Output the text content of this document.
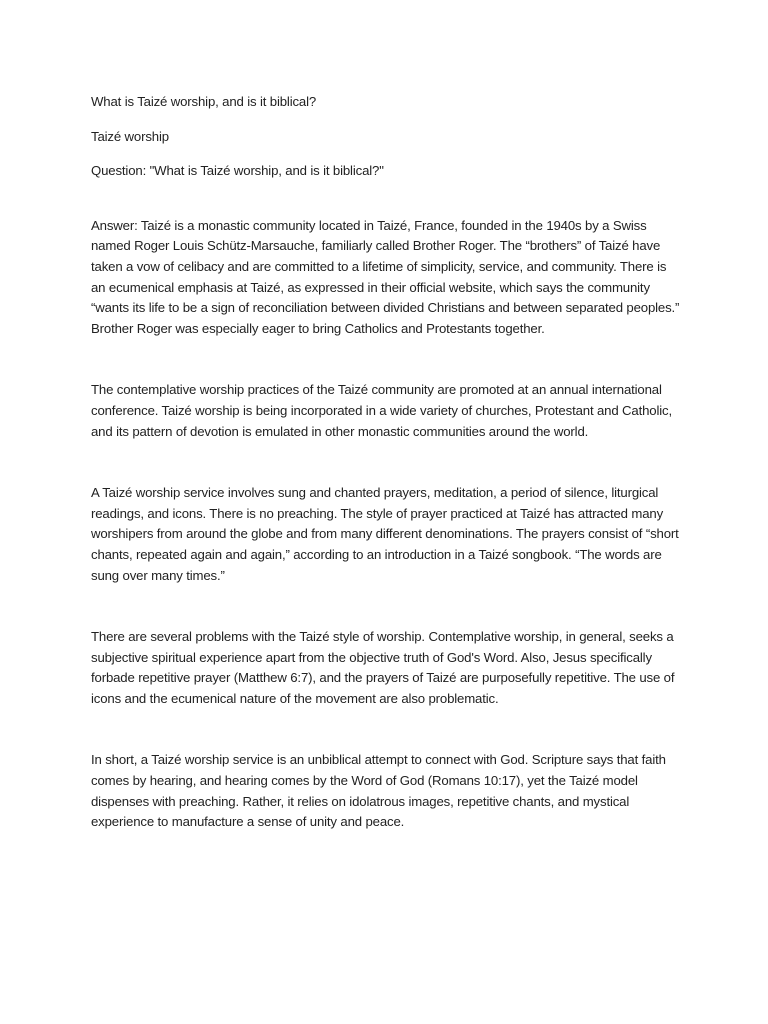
What is Taizé worship, and is it biblical?

Taizé worship

Question: "What is Taizé worship, and is it biblical?"

Answer: Taizé is a monastic community located in Taizé, France, founded in the 1940s by a Swiss named Roger Louis Schütz-Marsauche, familiarly called Brother Roger. The “brothers” of Taizé have taken a vow of celibacy and are committed to a lifetime of simplicity, service, and community. There is an ecumenical emphasis at Taizé, as expressed in their official website, which says the community “wants its life to be a sign of reconciliation between divided Christians and between separated peoples.” Brother Roger was especially eager to bring Catholics and Protestants together.

The contemplative worship practices of the Taizé community are promoted at an annual international conference. Taizé worship is being incorporated in a wide variety of churches, Protestant and Catholic, and its pattern of devotion is emulated in other monastic communities around the world.

A Taizé worship service involves sung and chanted prayers, meditation, a period of silence, liturgical readings, and icons. There is no preaching. The style of prayer practiced at Taizé has attracted many worshipers from around the globe and from many different denominations. The prayers consist of “short chants, repeated again and again,” according to an introduction in a Taizé songbook. “The words are sung over many times.”

There are several problems with the Taizé style of worship. Contemplative worship, in general, seeks a subjective spiritual experience apart from the objective truth of God's Word. Also, Jesus specifically forbade repetitive prayer (Matthew 6:7), and the prayers of Taizé are purposefully repetitive. The use of icons and the ecumenical nature of the movement are also problematic.

In short, a Taizé worship service is an unbiblical attempt to connect with God. Scripture says that faith comes by hearing, and hearing comes by the Word of God (Romans 10:17), yet the Taizé model dispenses with preaching. Rather, it relies on idolatrous images, repetitive chants, and mystical experience to manufacture a sense of unity and peace.
